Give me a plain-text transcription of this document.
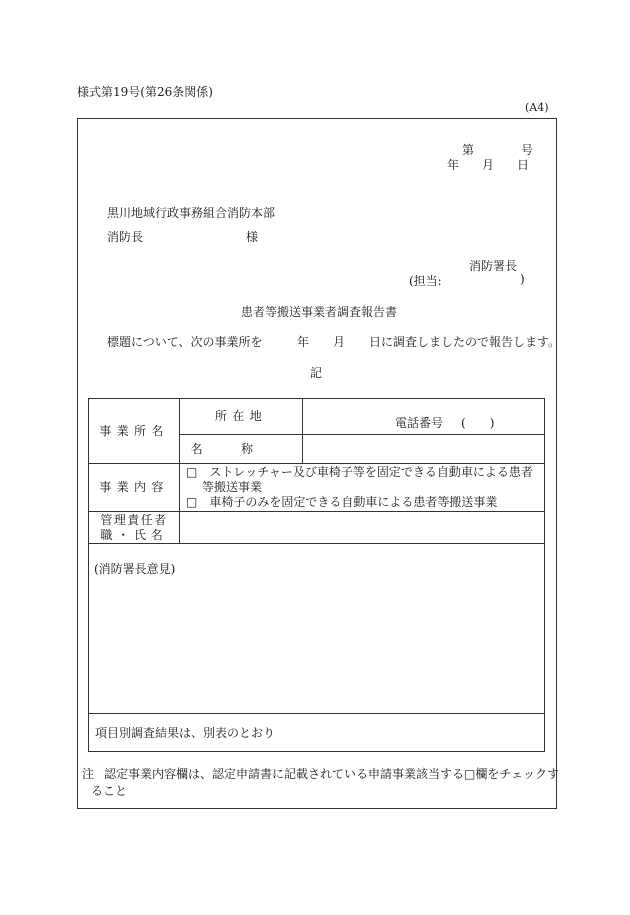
様式第19号(第26条関係)
(A4)
第	号
年 月 日
黒川地域行政事務組合消防本部
消防長	様
消防署長
(担当:	)
患者等搬送事業者調査報告書
標題について、次の事業所を	年 月 日に調査しましたので報告します。
記
事業所名	所在地	電話番号 (　　)
	名称	
事業内容	□　ストレッチャー及び車椅子等を固定できる自動車による患者
等搬送事業
□　車椅子のみを固定できる自動車による患者等搬送事業	

管理責任者
職・氏名		

(消防署長意見)		
項目別調査結果は、別表のとおり		
注 認定事業内容欄は、認定申請書に記載されている申請事業該当する□欄をチェックす
ること
